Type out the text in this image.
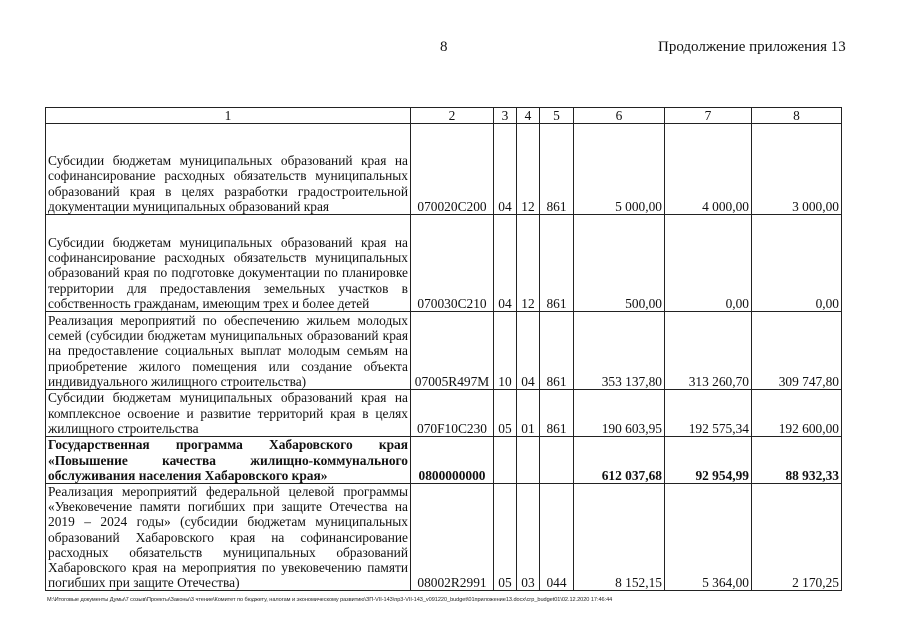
8	Продолжение приложения 13
1	2	3	4	5	6	7	8
Субсидии бюджетам муниципальных образований края на софинансирование расходных обязательств муниципальных образований края в целях разработки градостроительной документации муниципальных образований края	070020С200	04	12	861	5 000,00	4 000,00	3 000,00
Субсидии бюджетам муниципальных образований края на софинансирование расходных обязательств муниципальных образований края по подготовке документации по планировке территории для предоставления земельных участков в собственность гражданам, имеющим трех и более детей	070030С210	04	12	861	500,00	0,00	0,00
Реализация мероприятий по обеспечению жильем молодых семей (субсидии бюджетам муниципальных образований края на предоставление социальных выплат молодым семьям на приобретение жилого помещения или создание объекта индивидуального жилищного строительства)	07005R497M	10	04	861	353 137,80	313 260,70	309 747,80
Субсидии бюджетам муниципальных образований края на комплексное освоение и развитие территорий края в целях жилищного строительства	070F10С230	05	01	861	190 603,95	192 575,34	192 600,00
Государственная программа Хабаровского края «Повышение качества жилищно-коммунального обслуживания населения Хабаровского края»	0800000000				612 037,68	92 954,99	88 932,33
Реализация мероприятий федеральной целевой программы «Увековечение памяти погибших при защите Отечества на 2019 – 2024 годы» (субсидии бюджетам муниципальных образований Хабаровского края на софинансирование расходных обязательств муниципальных образований Хабаровского края на мероприятия по увековечению памяти погибших при защите Отечества)	08002R2991	05	03	044	8 152,15	5 364,00	2 170,25
M:\Итоговые документы Думы\7 созыв\Проекты\Законы\3 чтение\Комитет по бюджету, налогам и экономическому развитию\ЗП-VII-143\пр3-VII-143_v091220_budget\01приложение13.docx\сгр_budget01\02.12.2020 17:46:44
